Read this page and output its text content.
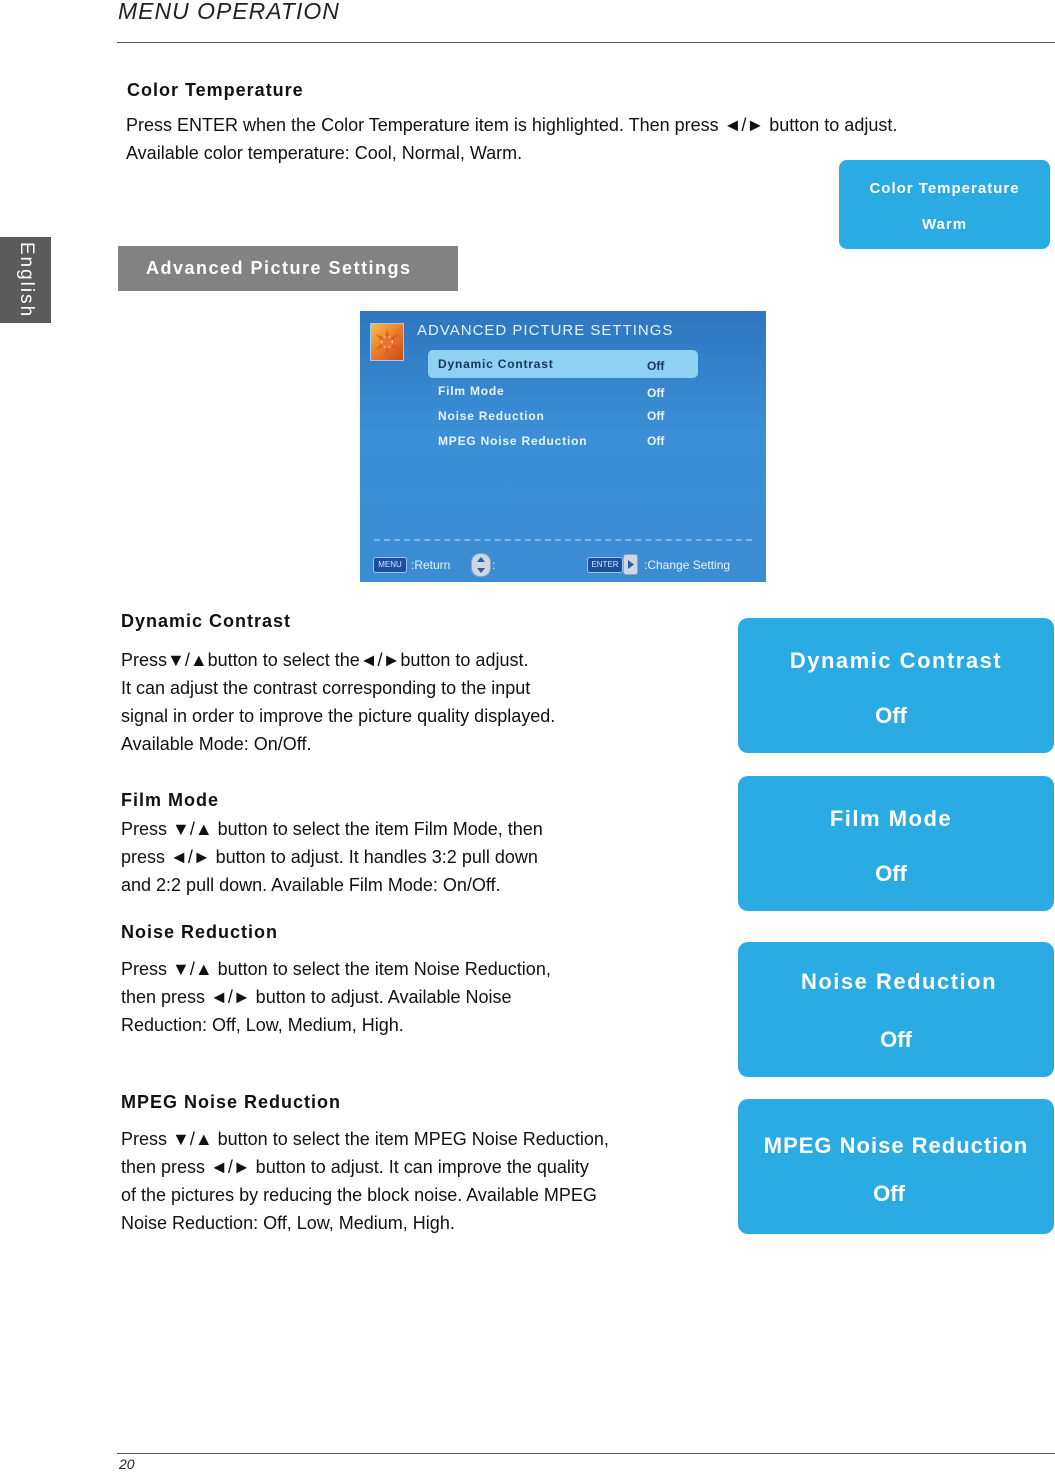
MENU OPERATION
English
Color Temperature
Press ENTER when the Color Temperature item is highlighted. Then press ◄/► button to adjust.
Available color temperature: Cool, Normal, Warm.
Color Temperature
Warm
Advanced Picture Settings
ADVANCED PICTURE SETTINGS
Dynamic Contrast	Off
Film Mode	Off
Noise Reduction	Off
MPEG Noise Reduction	Off
MENU :Return	:	ENTER	:Change Setting
Dynamic Contrast
Press▼/▲button to select the◄/►button to adjust.
It can adjust the contrast corresponding to the input
signal in order to improve the picture quality displayed.
Available Mode: On/Off.
Dynamic Contrast
Off
Film Mode
Press ▼/▲ button to select the item Film Mode, then
press ◄/► button to adjust. It handles 3:2 pull down
and 2:2 pull down. Available Film Mode: On/Off.
Film Mode
Off
Noise Reduction
Press ▼/▲ button to select the item Noise Reduction,
then press ◄/► button to adjust. Available Noise
Reduction: Off, Low, Medium, High.
Noise Reduction
Off
MPEG Noise Reduction
Press ▼/▲ button to select the item MPEG Noise Reduction,
then press ◄/► button to adjust. It can improve the quality
of the pictures by reducing the block noise. Available MPEG
Noise Reduction: Off, Low, Medium, High.
MPEG Noise Reduction
Off
20
